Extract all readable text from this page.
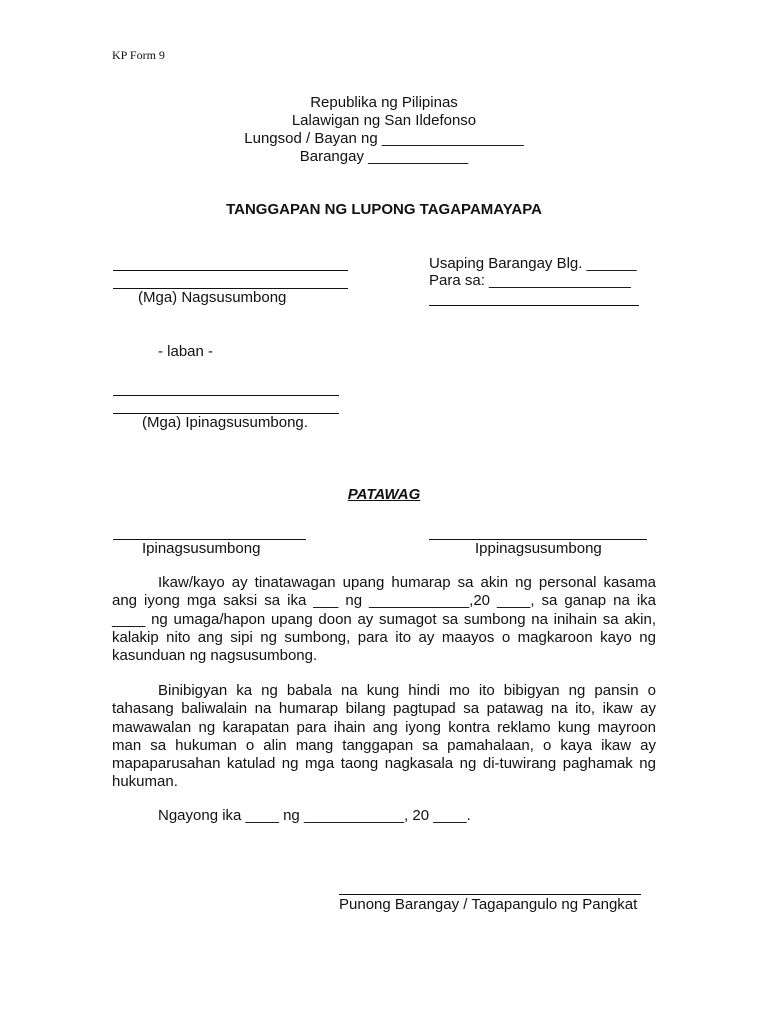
KP Form 9
Republika ng Pilipinas
Lalawigan ng San Ildefonso
Lungsod / Bayan ng _________________
Barangay ____________
TANGGAPAN NG LUPONG TAGAPAMAYAPA
(Mga) Nagsusumbong
Usaping Barangay Blg. ______
Para sa: _________________
- laban -
(Mga) Ipinagsusumbong.
PATAWAG
Ipinagsusumbong	Ippinagsusumbong

Ikaw/kayo ay tinatawagan upang humarap sa akin ng personal kasama ang iyong mga saksi sa ika ___ ng ____________,20 ____, sa ganap na ika ____ ng umaga/hapon upang doon ay sumagot sa sumbong na inihain sa akin, kalakip nito ang sipi ng sumbong, para ito ay maayos o magkaroon kayo ng kasunduan ng nagsusumbong.

Binibigyan ka ng babala na kung hindi mo ito bibigyan ng pansin o tahasang baliwalain na humarap bilang pagtupad sa patawag na ito, ikaw ay mawawalan ng karapatan para ihain ang iyong kontra reklamo kung mayroon man sa hukuman o alin mang tanggapan sa pamahalaan, o kaya ikaw ay mapaparusahan katulad ng mga taong nagkasala ng di-tuwirang paghamak ng hukuman.

Ngayong ika ____ ng ____________, 20 ____.
Punong Barangay / Tagapangulo ng Pangkat
